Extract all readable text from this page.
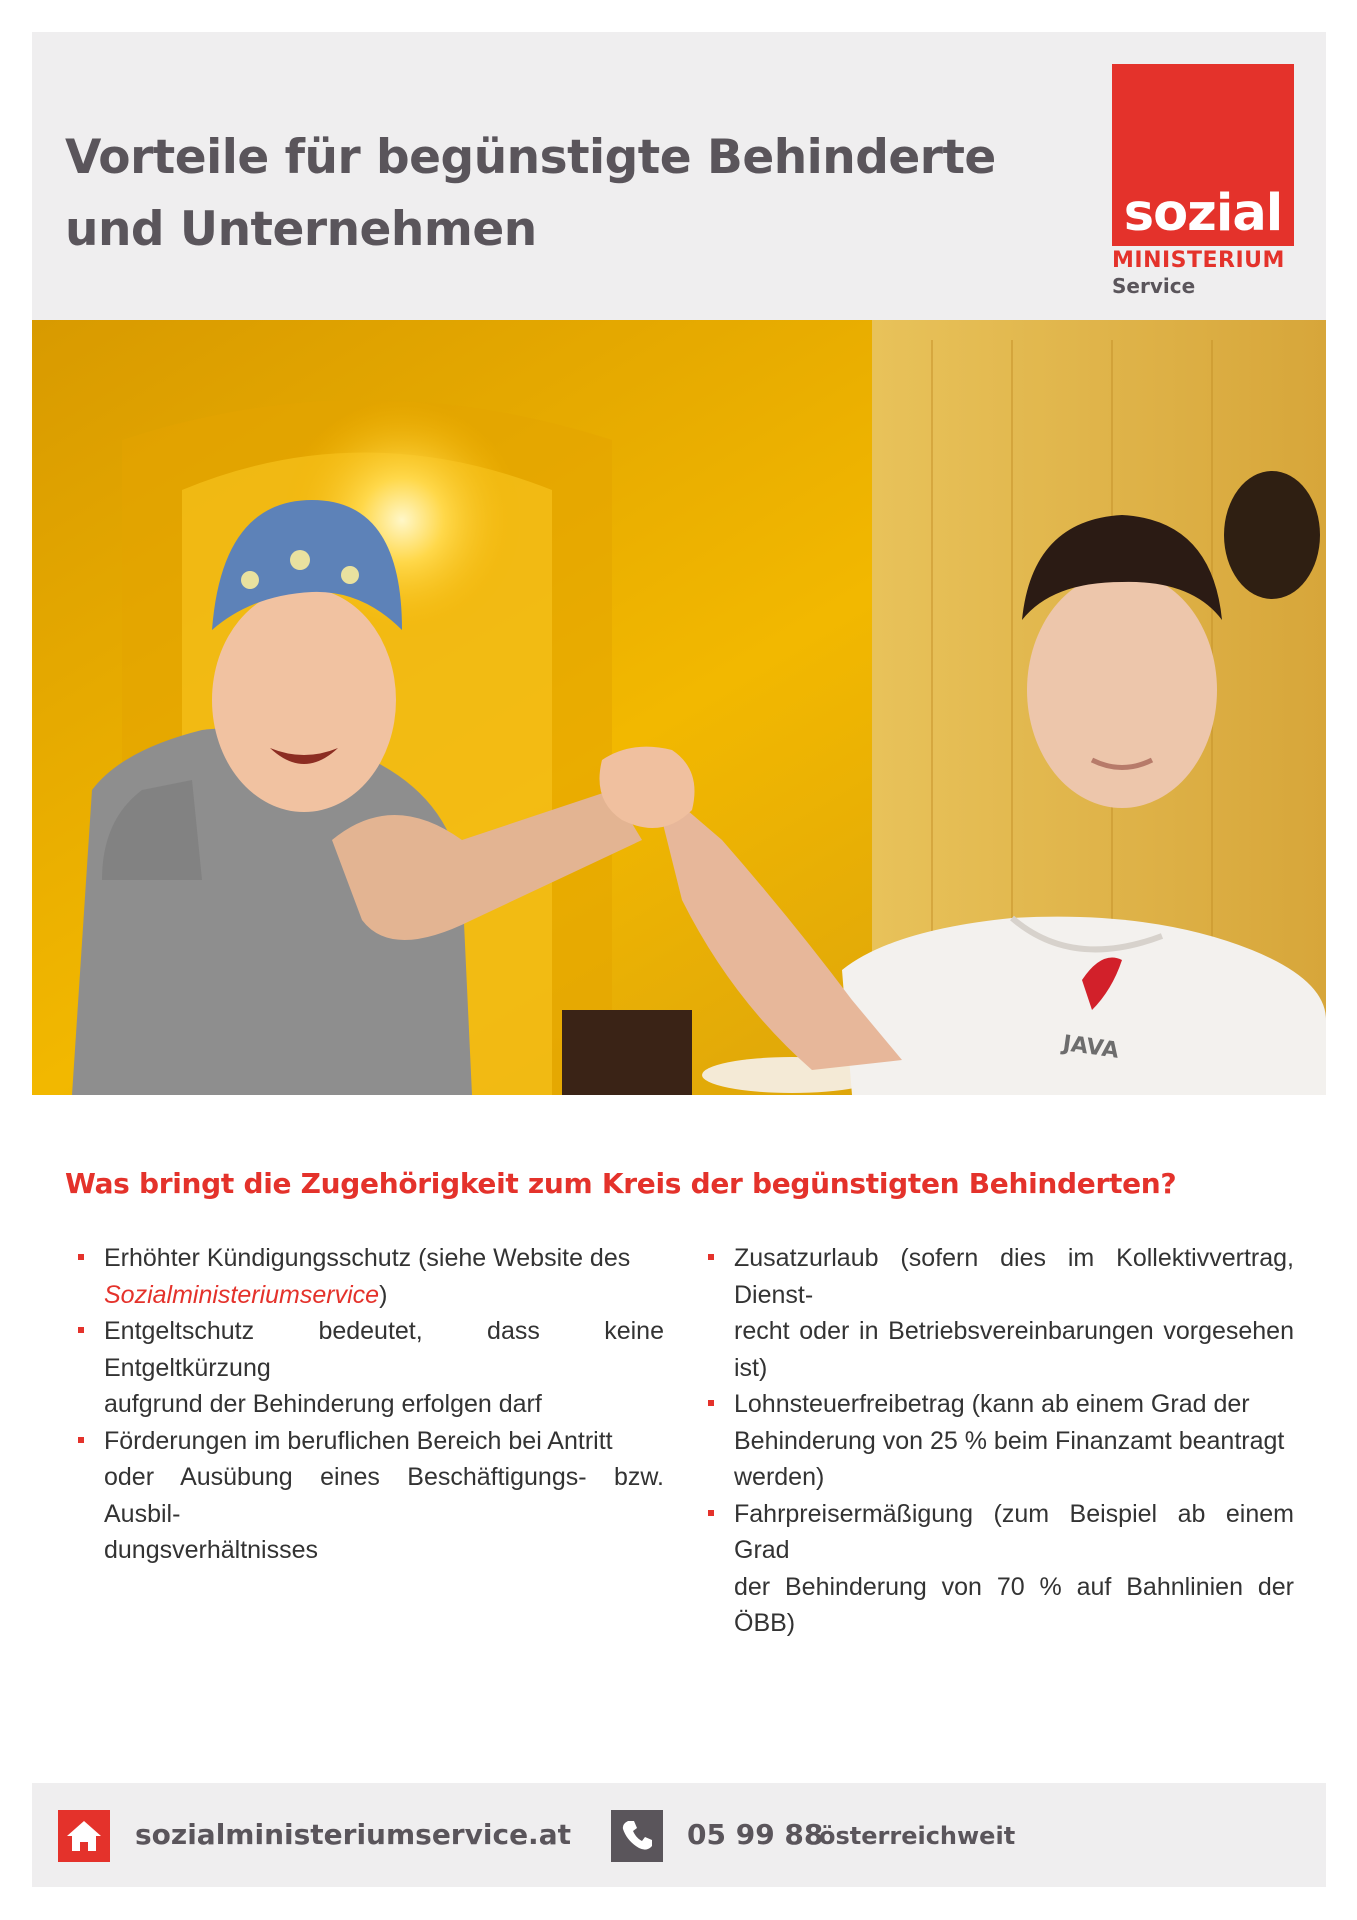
Vorteile für begünstigte Behinderte
und Unternehmen	sozial
MINISTERIUM
Service
JAVA
Was bringt die Zugehörigkeit zum Kreis der begünstigten Behinderten?
Erhöhter Kündigungsschutz (siehe Website des
Sozialministeriumservice)
Entgeltschutz bedeutet, dass keine Entgeltkürzung
aufgrund der Behinderung erfolgen darf
Förderungen im beruflichen Bereich bei Antritt
oder Ausübung eines Beschäftigungs- bzw. Ausbil-
dungsverhältnisses
Zusatzurlaub (sofern dies im Kollektivvertrag, Dienst-
recht oder in Betriebsvereinbarungen vorgesehen ist)
Lohnsteuerfreibetrag (kann ab einem Grad der
Behinderung von 25 % beim Finanzamt beantragt
werden)
Fahrpreisermäßigung (zum Beispiel ab einem Grad
der Behinderung von 70 % auf Bahnlinien der ÖBB)
sozialministeriumservice.at	05 99 88
österreichweit
